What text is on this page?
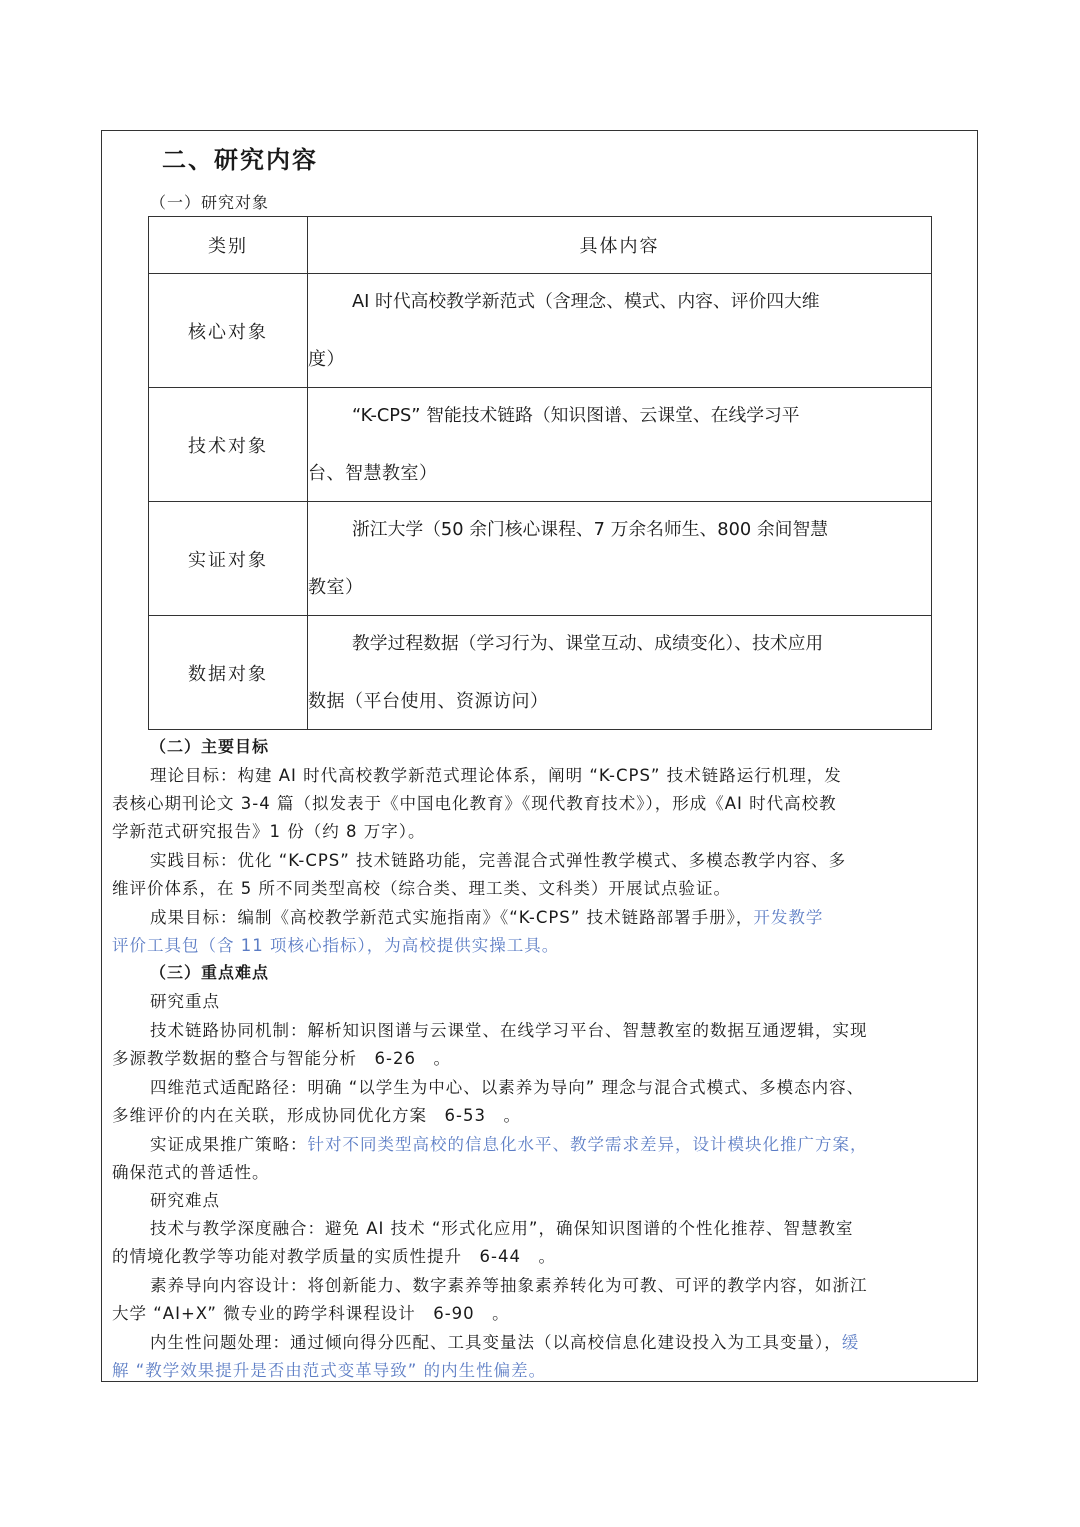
二、研究内容
（一）研究对象
类别	具体内容
核心对象	AI 时代高校教学新范式（含理念、模式、内容、评价四大维
度）

技术对象	“K-CPS” 智能技术链路（知识图谱、云课堂、在线学习平
台、智慧教室）

实证对象	浙江大学（50 余门核心课程、7 万余名师生、800 余间智慧
教室）

数据对象	教学过程数据（学习行为、课堂互动、成绩变化）、技术应用
数据（平台使用、资源访问）
（二）主要目标
理论目标：构建 AI 时代高校教学新范式理论体系，阐明 “K-CPS” 技术链路运行机理，发
表核心期刊论文 3-4 篇（拟发表于《中国电化教育》《现代教育技术》），形成《AI 时代高校教
学新范式研究报告》1 份（约 8 万字）。
实践目标：优化 “K-CPS” 技术链路功能，完善混合式弹性教学模式、多模态教学内容、多
维评价体系，在 5 所不同类型高校（综合类、理工类、文科类）开展试点验证。
成果目标：编制《高校教学新范式实施指南》《“K-CPS” 技术链路部署手册》，开发教学
评价工具包（含 11 项核心指标），为高校提供实操工具。
（三）重点难点
研究重点
技术链路协同机制：解析知识图谱与云课堂、在线学习平台、智慧教室的数据互通逻辑，实现
多源教学数据的整合与智能分析　6-26　。
四维范式适配路径：明确 “以学生为中心、以素养为导向” 理念与混合式模式、多模态内容、
多维评价的内在关联，形成协同优化方案　6-53　。
实证成果推广策略：针对不同类型高校的信息化水平、教学需求差异，设计模块化推广方案，
确保范式的普适性。
研究难点
技术与教学深度融合：避免 AI 技术 “形式化应用”，确保知识图谱的个性化推荐、智慧教室
的情境化教学等功能对教学质量的实质性提升　6-44　。
素养导向内容设计：将创新能力、数字素养等抽象素养转化为可教、可评的教学内容，如浙江
大学 “AI+X” 微专业的跨学科课程设计　6-90　。
内生性问题处理：通过倾向得分匹配、工具变量法（以高校信息化建设投入为工具变量），缓
解 “教学效果提升是否由范式变革导致” 的内生性偏差。
